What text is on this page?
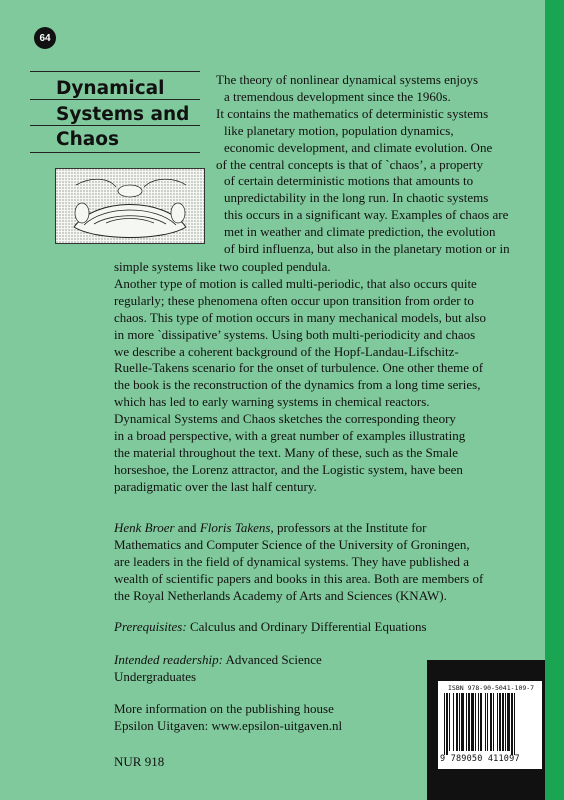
64
Dynamical
Systems and
Chaos
The theory of nonlinear dynamical systems enjoys
a tremendous development since the 1960s.
It contains the mathematics of deterministic systems
like planetary motion, population dynamics,
economic development, and climate evolution. One
of the central concepts is that of `chaos’, a property
of certain deterministic motions that amounts to
unpredictability in the long run. In chaotic systems
this occurs in a significant way. Examples of chaos are
met in weather and climate prediction, the evolution
of bird influenza, but also in the planetary motion or in
simple systems like two coupled pendula.
Another type of motion is called multi-periodic, that also occurs quite
regularly; these phenomena often occur upon transition from order to
chaos. This type of motion occurs in many mechanical models, but also
in more `dissipative’ systems. Using both multi-periodicity and chaos
we describe a coherent background of the Hopf-Landau-Lifschitz-
Ruelle-Takens scenario for the onset of turbulence. One other theme of
the book is the reconstruction of the dynamics from a long time series,
which has led to early warning systems in chemical reactors.
Dynamical Systems and Chaos sketches the corresponding theory
in a broad perspective, with a great number of examples illustrating
the material throughout the text. Many of these, such as the Smale
horseshoe, the Lorenz attractor, and the Logistic system, have been
paradigmatic over the last half century.
Henk Broer and Floris Takens, professors at the Institute for
Mathematics and Computer Science of the University of Groningen,
are leaders in the field of dynamical systems. They have published a
wealth of scientific papers and books in this area. Both are members of
the Royal Netherlands Academy of Arts and Sciences (KNAW).
Prerequisites: Calculus and Ordinary Differential Equations
Intended readership: Advanced Science
Undergraduates
More information on the publishing house
Epsilon Uitgaven: www.epsilon-uitgaven.nl
NUR 918
ISBN 978-90-5041-109-7
9 789050 411097
